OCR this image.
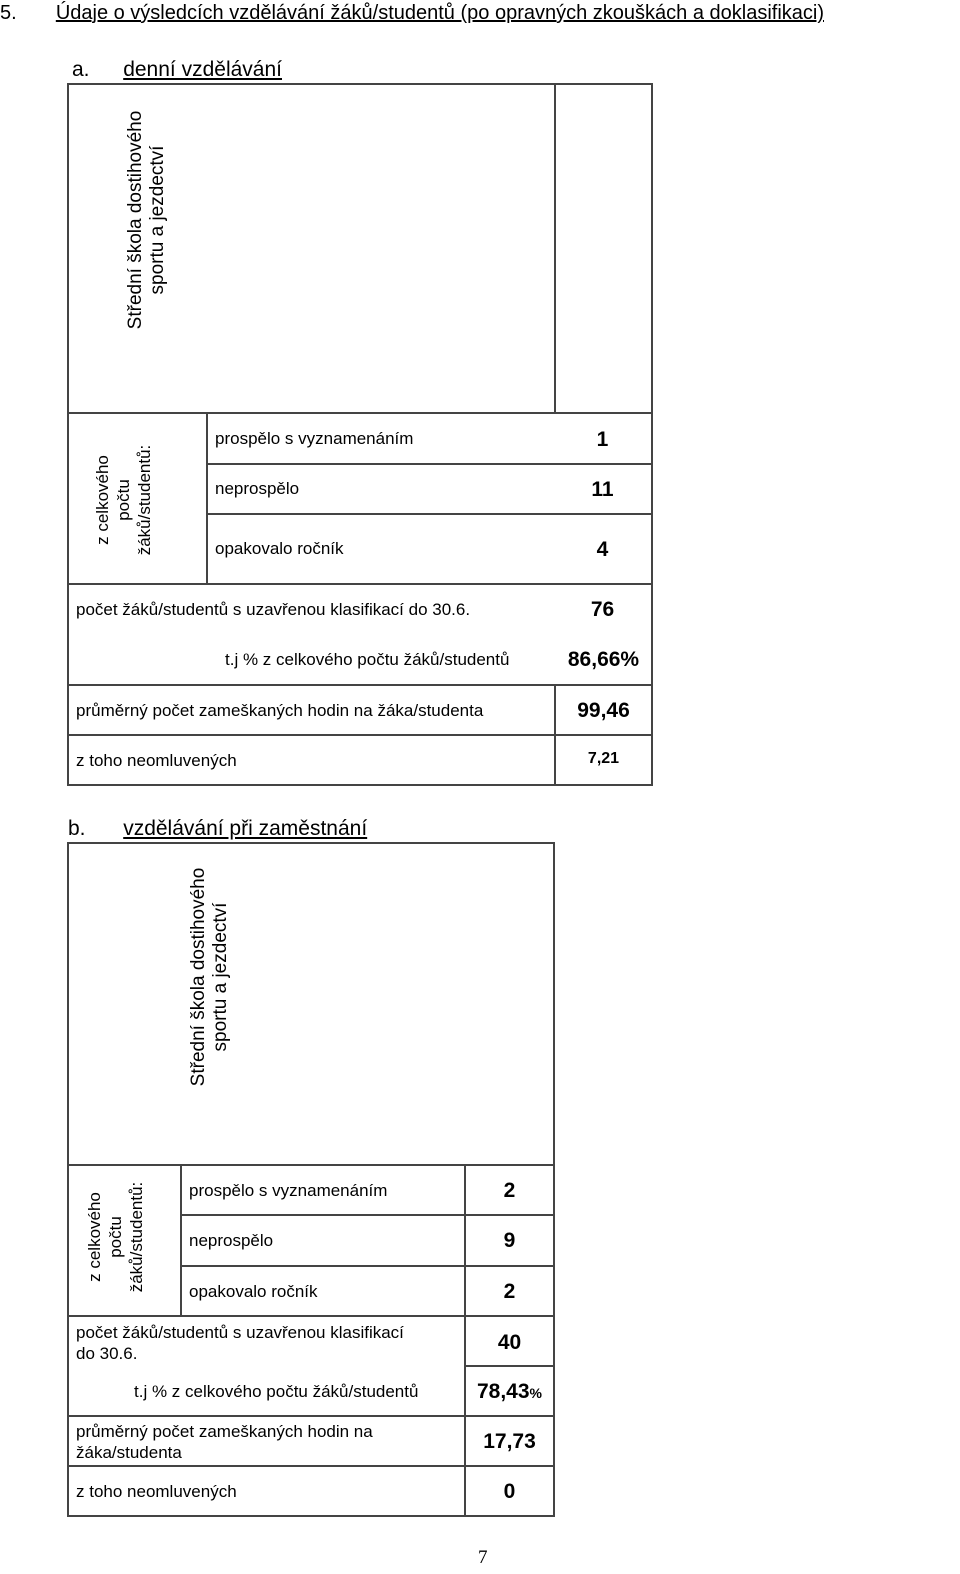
5. Údaje o výsledcích vzdělávání žáků/studentů (po opravných zkouškách a doklasifikaci)
a. denní vzdělávání
Střední škola dostihového sportu a jezdectví
z celkového počtu žáků/studentů:
prospělo s vyznamenáním	1
neprospělo	11
opakovalo ročník	4
počet žáků/studentů s uzavřenou klasifikací do 30.6.	76
t.j % z celkového počtu žáků/studentů	86,66%
průměrný počet zameškaných hodin na žáka/studenta	99,46
z toho neomluvených	7,21
b. vzdělávání při zaměstnání
Střední škola dostihového sportu a jezdectví
z celkového počtu žáků/studentů:	prospělo s vyznamenáním	2
neprospělo	9
opakovalo ročník	2
počet žáků/studentů s uzavřenou klasifikací
do 30.6.	40
t.j % z celkového počtu žáků/studentů	78,43%
průměrný počet zameškaných hodin na
žáka/studenta	17,73
z toho neomluvených	0
7
